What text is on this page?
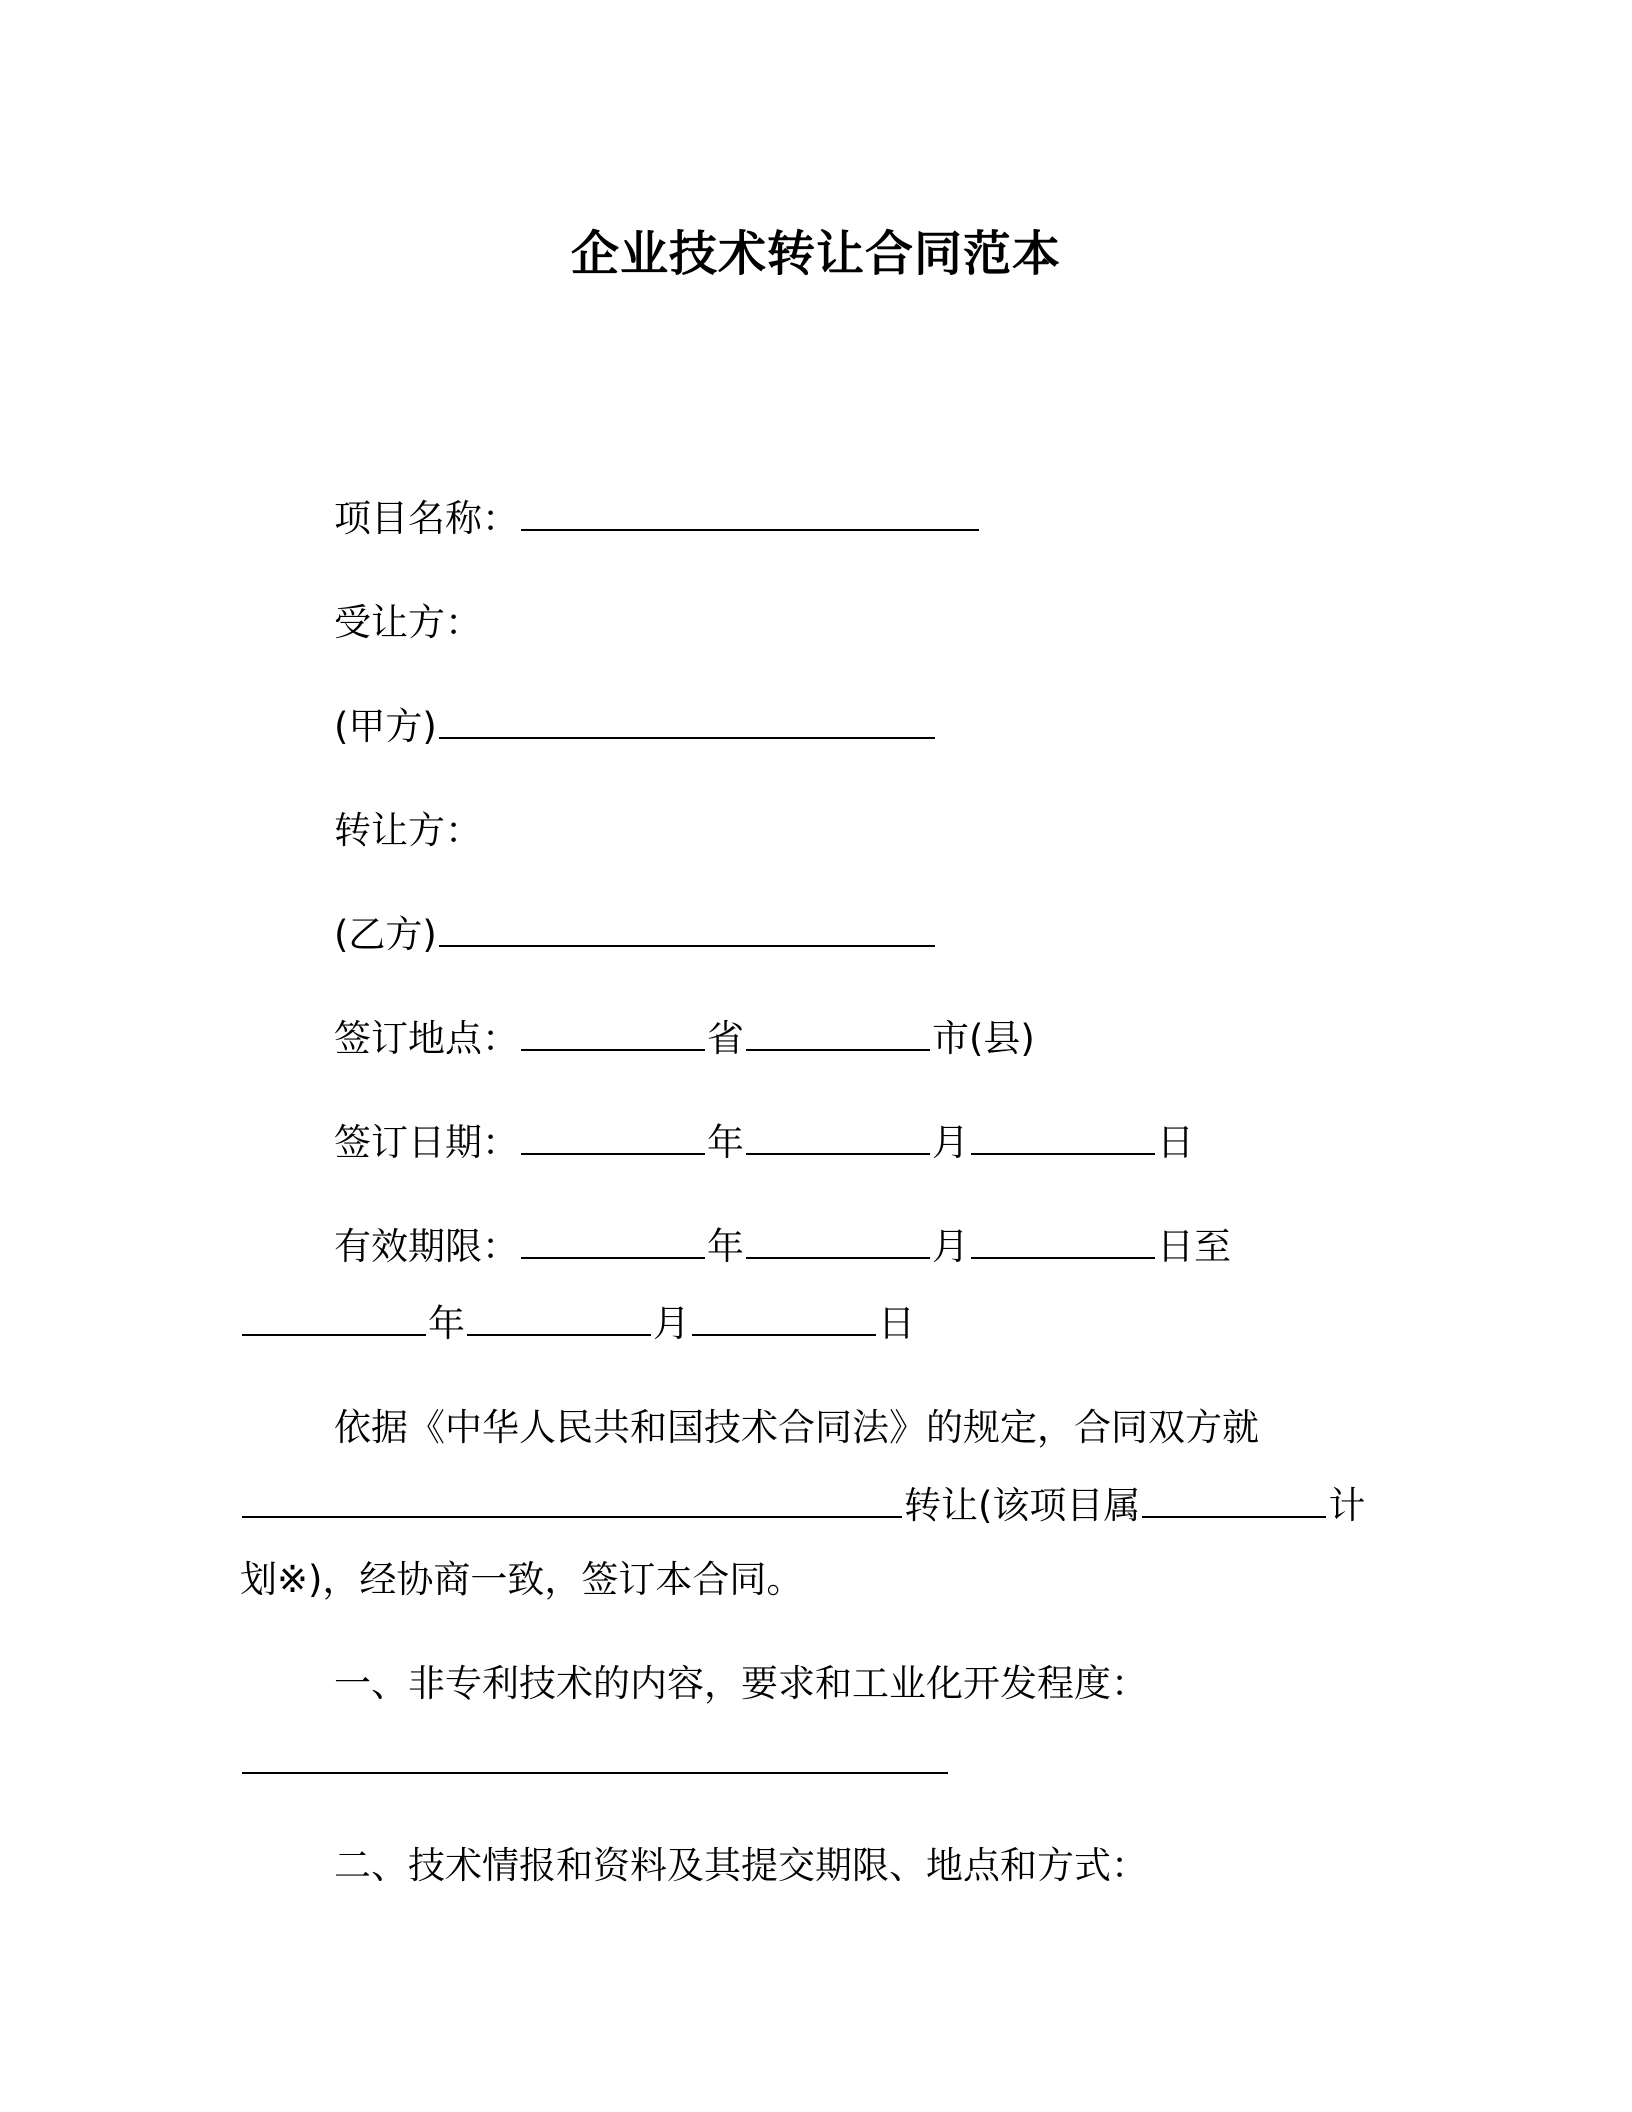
企业技术转让合同范本
项目名称：
受让方：
(甲方)
转让方：
(乙方)
签订地点：	省	市(县)
签订日期：	年	月	日
有效期限：	年	月	日至
年	月	日
依据《中华人民共和国技术合同法》的规定，合同双方就
转让(该项目属	计
划※)，经协商一致，签订本合同。
一、非专利技术的内容，要求和工业化开发程度：
二、技术情报和资料及其提交期限、地点和方式：
